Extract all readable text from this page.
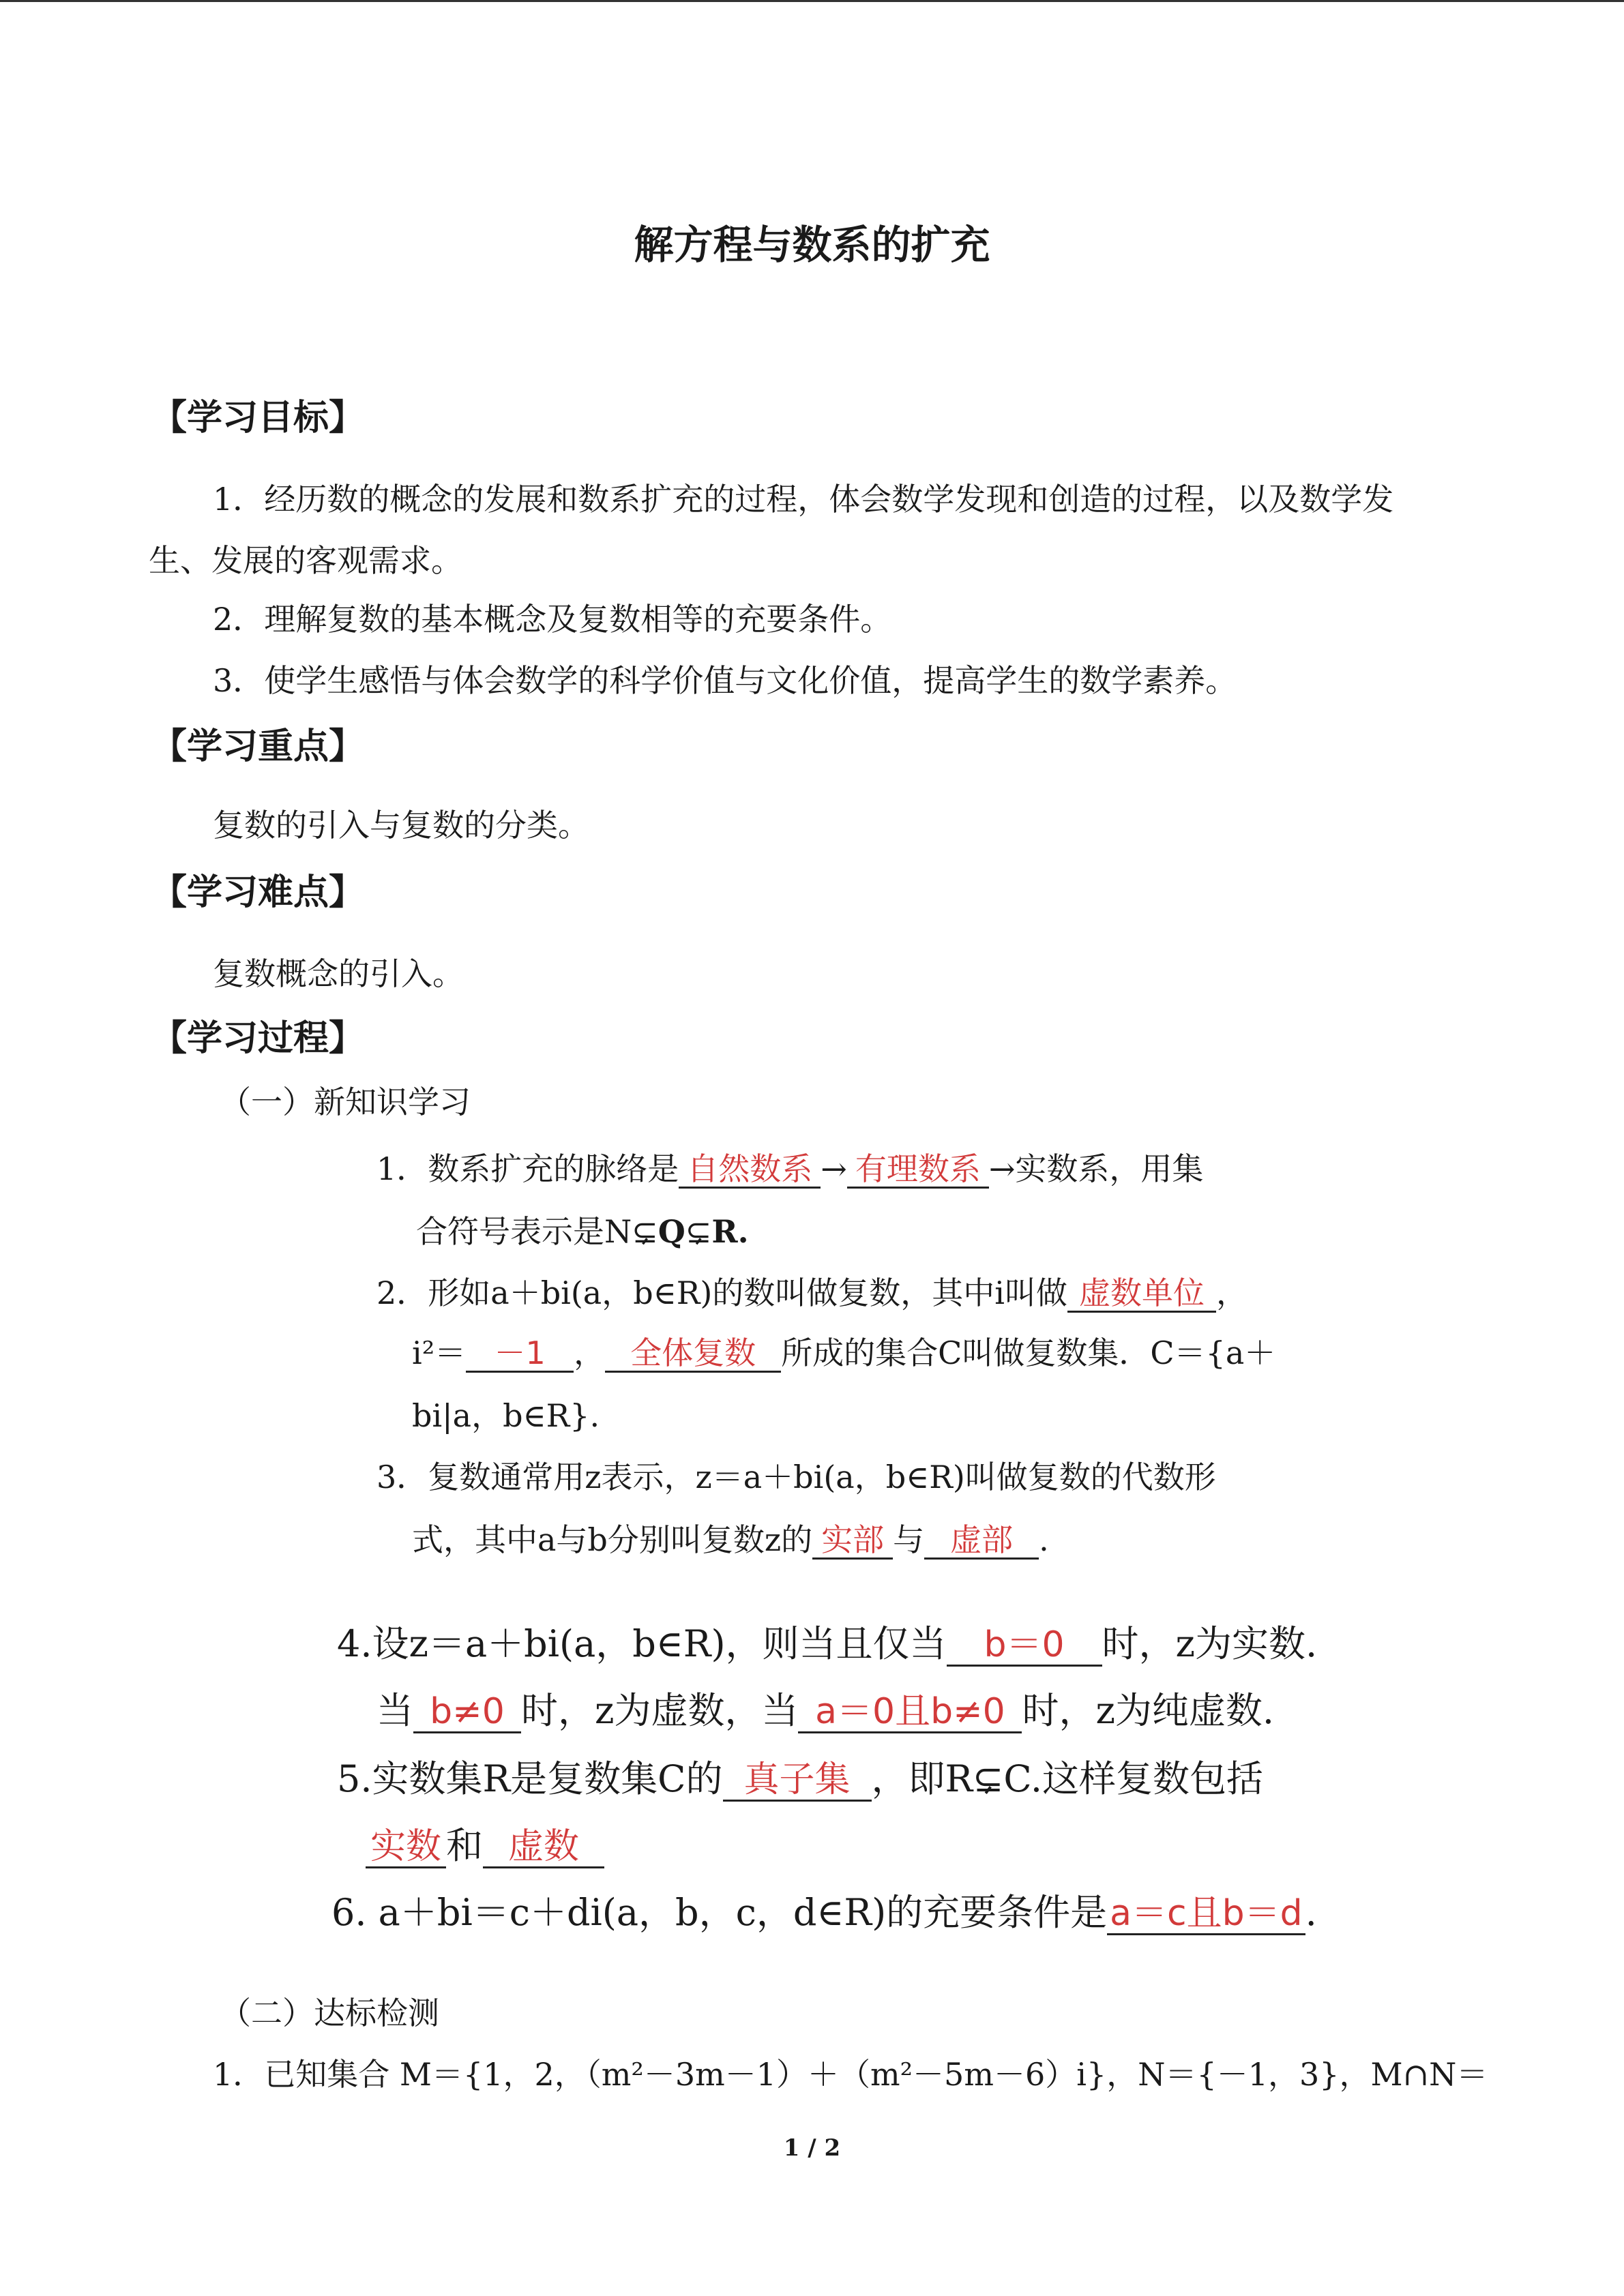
解方程与数系的扩充
【学习目标】
1．经历数的概念的发展和数系扩充的过程，体会数学发现和创造的过程，以及数学发
生、发展的客观需求。
2．理解复数的基本概念及复数相等的充要条件。
3．使学生感悟与体会数学的科学价值与文化价值，提高学生的数学素养。
【学习重点】
复数的引入与复数的分类。
【学习难点】
复数概念的引入。
【学习过程】
（一）新知识学习
1．数系扩充的脉络是 自然数系 → 有理数系 →实数系，用集
合符号表示是N⊊Q⊊R.
2．形如a＋bi(a，b∈R)的数叫做复数，其中i叫做 虚数单位 ，
i²＝ －1 ， 全体复数 所成的集合C叫做复数集．C＝{a＋
bi|a，b∈R}.
3．复数通常用z表示，z＝a＋bi(a，b∈R)叫做复数的代数形
式，其中a与b分别叫复数z的 实部 与 虚部 .
4.设z＝a＋bi(a，b∈R)，则当且仅当 b＝0 时，z为实数.
当 b≠0 时，z为虚数，当 a＝0且b≠0 时，z为纯虚数.
5.实数集R是复数集C的 真子集 ，即R⊊C.这样复数包括
实数 和 虚数
6. a＋bi＝c＋di(a，b，c，d∈R)的充要条件是a＝c且b＝d.
（二）达标检测
1．已知集合 M＝{1，2，（m²－3m－1）＋（m²－5m－6）i}，N＝{－1，3}，M∩N＝
1 / 2
